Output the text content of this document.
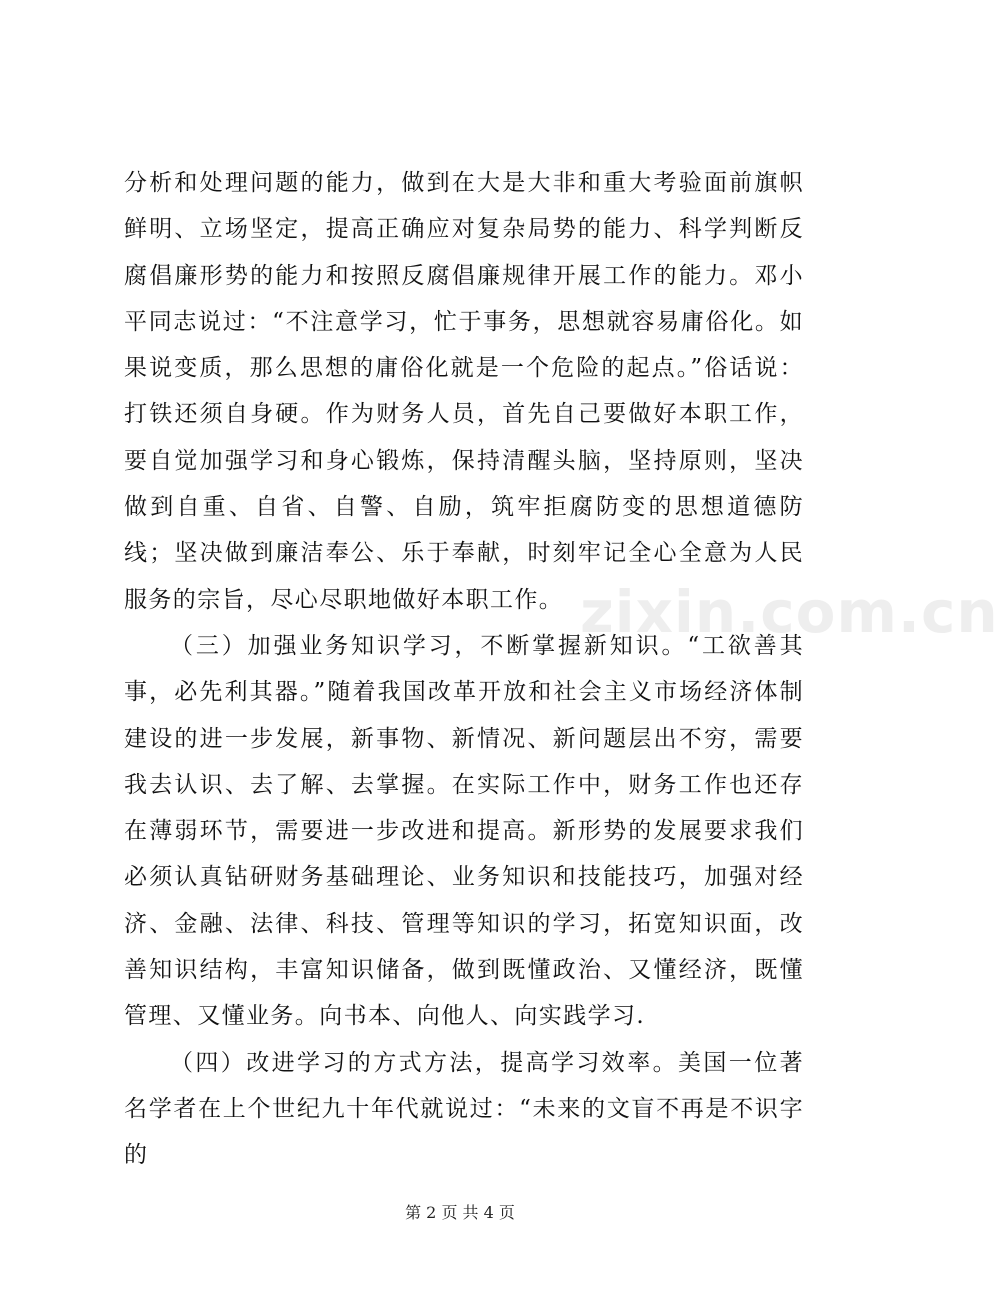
分析和处理问题的能力，做到在大是大非和重大考验面前旗帜鲜明、立场坚定，提高正确应对复杂局势的能力、科学判断反腐倡廉形势的能力和按照反腐倡廉规律开展工作的能力。邓小平同志说过：“不注意学习，忙于事务，思想就容易庸俗化。如果说变质，那么思想的庸俗化就是一个危险的起点。”俗话说：打铁还须自身硬。作为财务人员，首先自己要做好本职工作，要自觉加强学习和身心锻炼，保持清醒头脑，坚持原则，坚决做到自重、自省、自警、自励，筑牢拒腐防变的思想道德防线；坚决做到廉洁奉公、乐于奉献，时刻牢记全心全意为人民服务的宗旨，尽心尽职地做好本职工作。

（三）加强业务知识学习，不断掌握新知识。“工欲善其事，必先利其器。”随着我国改革开放和社会主义市场经济体制建设的进一步发展，新事物、新情况、新问题层出不穷，需要我去认识、去了解、去掌握。在实际工作中，财务工作也还存在薄弱环节，需要进一步改进和提高。新形势的发展要求我们必须认真钻研财务基础理论、业务知识和技能技巧，加强对经济、金融、法律、科技、管理等知识的学习，拓宽知识面，改善知识结构，丰富知识储备，做到既懂政治、又懂经济，既懂管理、又懂业务。向书本、向他人、向实践学习.

（四）改进学习的方式方法，提高学习效率。美国一位著名学者在上个世纪九十年代就说过：“未来的文盲不再是不识字的

zixin.com.cn
第 2 页 共 4 页
